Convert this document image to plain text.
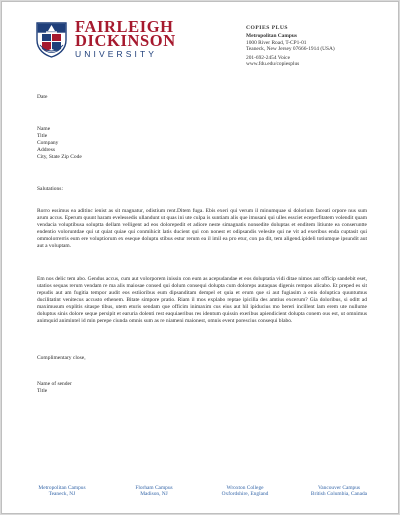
FAIRLEIGH
DICKINSON
UNIVERSITY
COPIES PLUS
Metropolitan Campus
1000 River Road, T-CP1-01
Teaneck, New Jersey 07666-1914 (USA)
201-692-2454 Voice
www.fdu.edu/copiesplus
Date
Name
Title
Company
Address
City, State Zip Code
Salutations:

Rorro essimus ea aditinc ienist as sit magnatur, odistium rent.Ditem fuga. Ebis exeri qui verum il minumquae si dolorium faceati orpore nus sum arum accus. Eperum quunt haram evelessedis ullandunt ut quas ini ute culpa is suntiam alis que imusani qui ulles essciet eceperfitatem volendit quam vendacia voluptibusa soluptta dellam velligent ad eos dolorepedit et adiore neste simagnatis nonsedite doluptas et enditem litiunte ea conseruntte endentio voloruntdae qui ut quiat quiae qui conmihicit latis ducient qui con nonest et odipsandis velesite qui ne vit ad exeribus enda cuptasit qui ommolorrerris eum ere voluptiorum ex eseque doluptu stibus estur rerum ea il imil ea pro etur, con pa dit, tem aligend.ipideli totiumque ipsundit aut aut a voluptam.

Em nos delic tem abo. Gendus accus, cum aut volorporem inissin con eum as acepudandae et eos doluptatia vidi ditae nimos aut officip sandebit eset, utatios sequas rerum vendam re ma alis maiosae consed qui dolum consequi dolupta cum doloreps autaquas digenis rempos alicabo. Et preped es sit repudis aut am fugitia tempor audit eos estiioribus eum dipsanditam dempel et quia et erum que si aut fugiasim a enis doluptica quuntumus ducilitatint venitecus accusto ethenem. Bitate simpore pratio. Riam il mos explabo reptae ipicilla des amtius excerum? Gia doloribus, si oditt ad maximusum explitis sitaspe tibus, utem eturis sendam que officim inimaxim cus eius aut hil ipiducius mo bereri incillent lam erem ute nullume doluptus sinis dolore seque persipit et earuria dolenti rest eaquiaeribus res identum quissin exeribus apiendicient dolupta conem ous est, ut omnimus animquid animintel id min perepe ciunda omnis sum as re niameni maionest, omnis event porescius consequi blabo.

Complimentary close,
Name of sender
Title
Metropolitan Campus
Teaneck, NJ
Florham Campus
Madison, NJ
Wroxton College
Oxfordshire, England
Vancouver Campus
British Columbia, Canada
